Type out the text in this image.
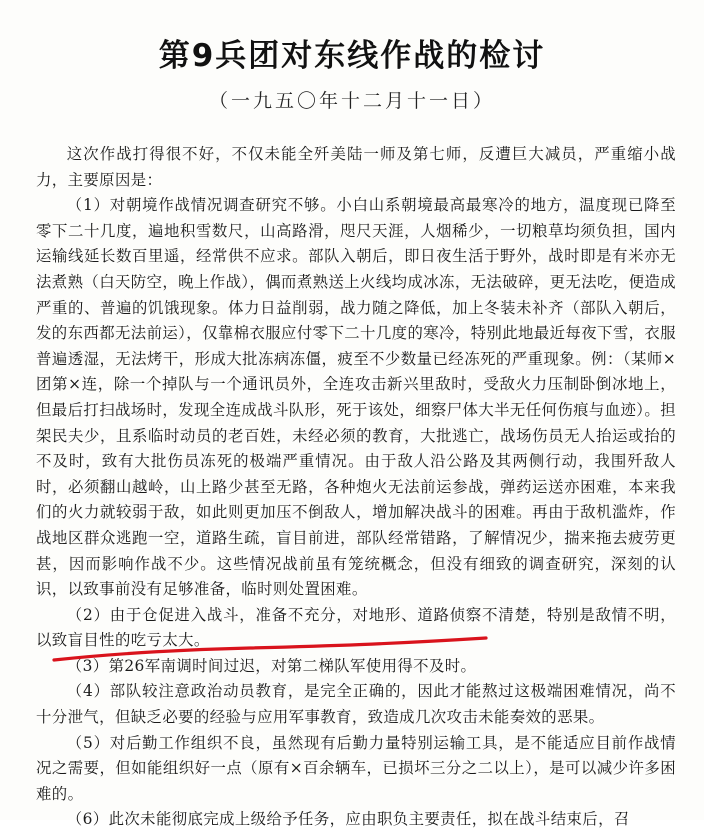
第9兵团对东线作战的检讨
（一九五〇年十二月十一日）

这次作战打得很不好，不仅未能全歼美陆一师及第七师，反遭巨大减员，严重缩小战力，主要原因是：

（1）对朝境作战情况调查研究不够。小白山系朝境最高最寒冷的地方，温度现已降至零下二十几度，遍地积雪数尺，山高路滑，咫尺天涯，人烟稀少，一切粮草均须负担，国内运输线延长数百里遥，经常供不应求。部队入朝后，即日夜生活于野外，战时即是有米亦无法煮熟（白天防空，晚上作战），偶而煮熟送上火线均成冰冻，无法破碎，更无法吃，便造成严重的、普遍的饥饿现象。体力日益削弱，战力随之降低，加上冬装未补齐（部队入朝后，发的东西都无法前运），仅靠棉衣服应付零下二十几度的寒冷，特别此地最近每夜下雪，衣服普遍透湿，无法烤干，形成大批冻病冻僵，疲至不少数量已经冻死的严重现象。例：（某师×团第×连，除一个掉队与一个通讯员外，全连攻击新兴里敌时，受敌火力压制卧倒冰地上，但最后打扫战场时，发现全连成战斗队形，死于该处，细察尸体大半无任何伤痕与血迹）。担架民夫少，且系临时动员的老百姓，未经必须的教育，大批逃亡，战场伤员无人抬运或抬的不及时，致有大批伤员冻死的极端严重情况。由于敌人沿公路及其两侧行动，我围歼敌人时，必须翻山越岭，山上路少甚至无路，各种炮火无法前运参战，弹药运送亦困难，本来我们的火力就较弱于敌，如此则更加压不倒敌人，增加解决战斗的困难。再由于敌机滥炸，作战地区群众逃跑一空，道路生疏，盲目前进，部队经常错路，了解情况少，揣来拖去疲劳更甚，因而影响作战不少。这些情况战前虽有笼统概念，但没有细致的调查研究，深刻的认识，以致事前没有足够准备，临时则处置困难。

（2）由于仓促进入战斗，准备不充分，对地形、道路侦察不清楚，特别是敌情不明，以致盲目性的吃亏太大。

（3）第26军南调时间过迟，对第二梯队军使用得不及时。

（4）部队较注意政治动员教育，是完全正确的，因此才能熬过这极端困难情况，尚不十分泄气，但缺乏必要的经验与应用军事教育，致造成几次攻击未能奏效的恶果。

（5）对后勤工作组织不良，虽然现有后勤力量特别运输工具，是不能适应目前作战情况之需要，但如能组织好一点（原有×百余辆车，已损坏三分之二以上），是可以减少许多困难的。

（6）此次未能彻底完成上级给予任务，应由职负主要责任，拟在战斗结束后，召
